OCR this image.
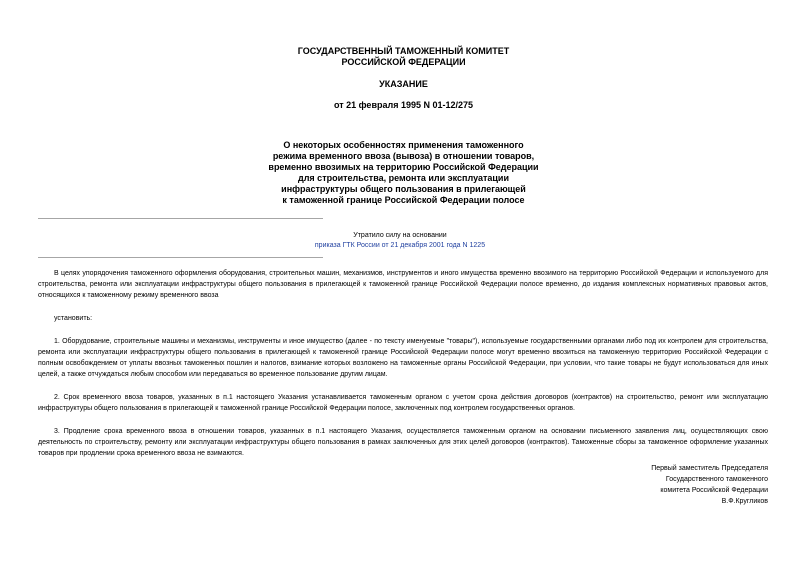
ГОСУДАРСТВЕННЫЙ ТАМОЖЕННЫЙ КОМИТЕТ
РОССИЙСКОЙ ФЕДЕРАЦИИ
УКАЗАНИЕ
от 21 февраля 1995 N 01-12/275
О некоторых особенностях применения таможенного
режима временного ввоза (вывоза) в отношении товаров,
временно ввозимых на территорию Российской Федерации
для строительства, ремонта или эксплуатации
инфраструктуры общего пользования в прилегающей
к таможенной границе Российской Федерации полосе
Утратило силу на основании
приказа ГТК России от 21 декабря 2001 года N 1225

В целях упорядочения таможенного оформления оборудования, строительных машин, механизмов, инструментов и иного имущества временно ввозимого на территорию Российской Федерации и используемого для строительства, ремонта или эксплуатации инфраструктуры общего пользования в прилегающей к таможенной границе Российской Федерации полосе временно, до издания комплексных нормативных правовых актов, относящихся к таможенному режиму временного ввоза

установить:

1. Оборудование, строительные машины и механизмы, инструменты и иное имущество (далее - по тексту именуемые "товары"), используемые государственными органами либо под их контролем для строительства, ремонта или эксплуатации инфраструктуры общего пользования в прилегающей к таможенной границе Российской Федерации полосе могут временно ввозиться на таможенную территорию Российской Федерации с полным освобождением от уплаты ввозных таможенных пошлин и налогов, взимание которых возложено на таможенные органы Российской Федерации, при условии, что такие товары не будут использоваться для иных целей, а также отчуждаться любым способом или передаваться во временное пользование другим лицам.

2. Срок временного ввоза товаров, указанных в п.1 настоящего Указания устанавливается таможенным органом с учетом срока действия договоров (контрактов) на строительство, ремонт или эксплуатацию инфраструктуры общего пользования в прилегающей к таможенной границе Российской Федерации полосе, заключенных под контролем государственных органов.

3. Продление срока временного ввоза в отношении товаров, указанных в п.1 настоящего Указания, осуществляется таможенным органом на основании письменного заявления лиц, осуществляющих свою деятельность по строительству, ремонту или эксплуатации инфраструктуры общего пользования в рамках заключенных для этих целей договоров (контрактов). Таможенные сборы за таможенное оформление указанных товаров при продлении срока временного ввоза не взимаются.

Первый заместитель Председателя
Государственного таможенного
комитета Российской Федерации
В.Ф.Кругликов
